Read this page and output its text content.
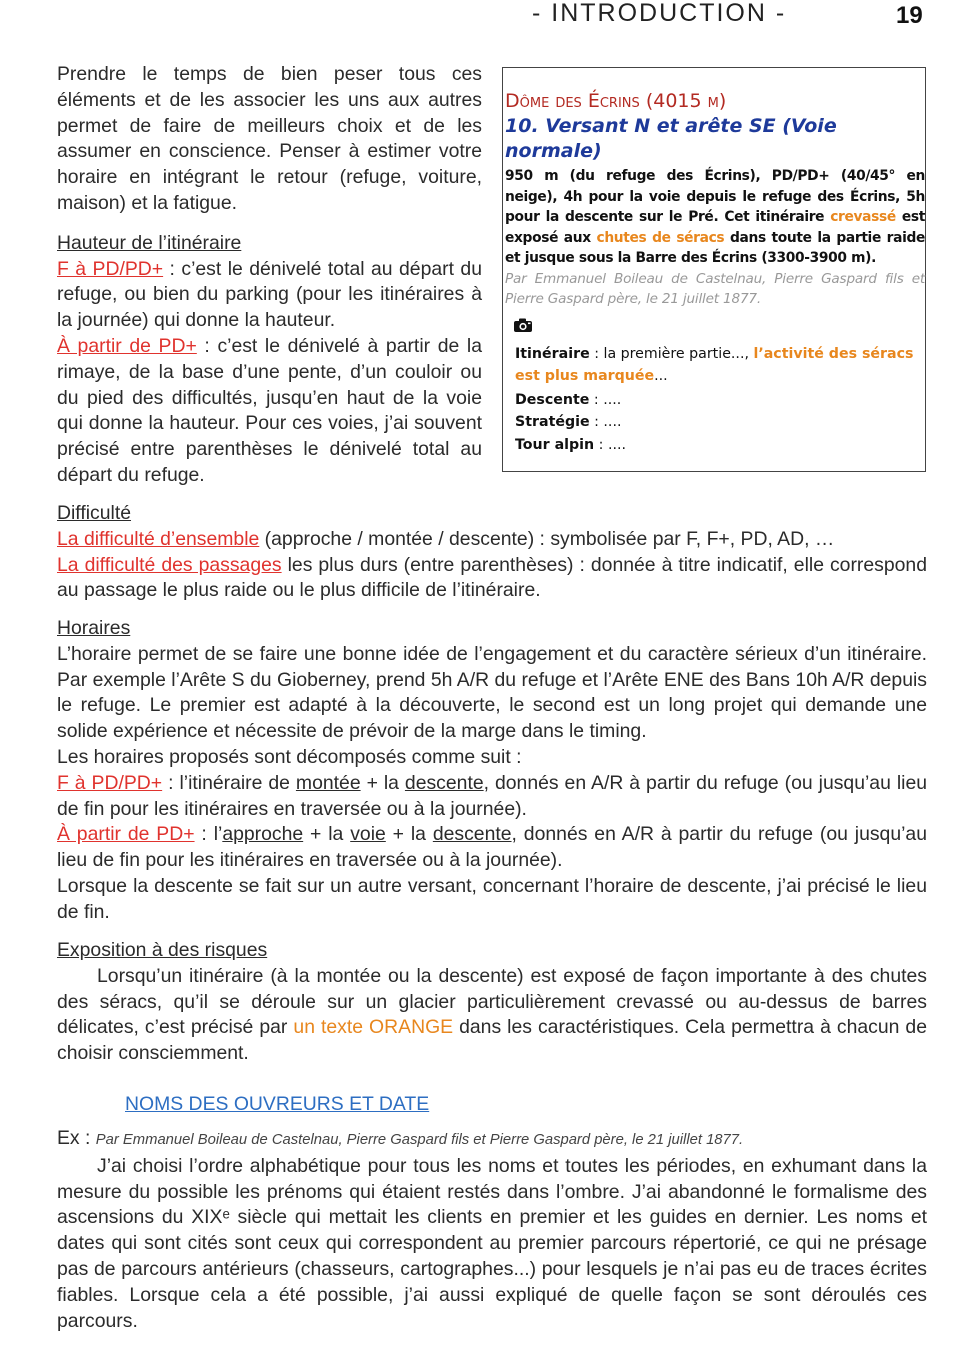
- INTRODUCTION -	19

Prendre le temps de bien peser tous ces éléments et de les associer les uns aux autres permet de faire de meilleurs choix et de les assumer en conscience. Penser à estimer votre horaire en intégrant le retour (refuge, voiture, maison) et la fatigue.

Hauteur de l’itinéraire

F à PD/PD+ : c’est le dénivelé total au départ du refuge, ou bien du parking (pour les itinéraires à la journée) qui donne la hauteur.

À partir de PD+ : c’est le dénivelé à partir de la rimaye, de la base d’une pente, d’un couloir ou du pied des difficultés, jusqu’en haut de la voie qui donne la hauteur. Pour ces voies, j’ai souvent précisé entre parenthèses le dénivelé total au départ du refuge.

Dôme des Écrins (4015 m)

10. Versant N et arête SE (Voie normale)

950 m (du refuge des Écrins), PD/PD+ (40/45° en neige), 4h pour la voie depuis le refuge des Écrins, 5h pour la descente sur le Pré. Cet itinéraire crevassé est exposé aux chutes de séracs dans toute la partie raide et jusque sous la Barre des Écrins (3300-3900 m).

Par Emmanuel Boileau de Castelnau, Pierre Gaspard fils et Pierre Gaspard père, le 21 juillet 1877.

Itinéraire : la première partie..., l’activité des séracs est plus marquée...

Descente : ....

Stratégie : ....

Tour alpin : ....

Difficulté

La difficulté d’ensemble (approche / montée / descente) : symbolisée par F, F+, PD, AD, …

La difficulté des passages les plus durs (entre parenthèses) : donnée à titre indicatif, elle correspond au passage le plus raide ou le plus difficile de l’itinéraire.

Horaires

L’horaire permet de se faire une bonne idée de l’engagement et du caractère sérieux d’un itinéraire. Par exemple l’Arête S du Gioberney, prend 5h A/R du refuge et l’Arête ENE des Bans 10h A/R depuis le refuge. Le premier est adapté à la découverte, le second est un long projet qui demande une solide expérience et nécessite de prévoir de la marge dans le timing.

Les horaires proposés sont décomposés comme suit :

F à PD/PD+ : l’itinéraire de montée + la descente, donnés en A/R à partir du refuge (ou jusqu’au lieu de fin pour les itinéraires en traversée ou à la journée).

À partir de PD+ : l’approche + la voie + la descente, donnés en A/R à partir du refuge (ou jusqu’au lieu de fin pour les itinéraires en traversée ou à la journée).

Lorsque la descente se fait sur un autre versant, concernant l’horaire de descente, j’ai précisé le lieu de fin.

Exposition à des risques

Lorsqu’un itinéraire (à la montée ou la descente) est exposé de façon importante à des chutes des séracs, qu’il se déroule sur un glacier particulièrement crevassé ou au-dessus de barres délicates, c’est précisé par un texte ORANGE dans les caractéristiques. Cela permettra à chacun de choisir consciemment.

NOMS DES OUVREURS ET DATE

Ex : Par Emmanuel Boileau de Castelnau, Pierre Gaspard fils et Pierre Gaspard père, le 21 juillet 1877.

J’ai choisi l’ordre alphabétique pour tous les noms et toutes les périodes, en exhumant dans la mesure du possible les prénoms qui étaient restés dans l’ombre. J’ai abandonné le formalisme des ascensions du XIXᵉ siècle qui mettait les clients en premier et les guides en dernier. Les noms et dates qui sont cités sont ceux qui correspondent au premier parcours répertorié, ce qui ne présage pas de parcours antérieurs (chasseurs, cartographes...) pour lesquels je n’ai pas eu de traces écrites fiables. Lorsque cela a été possible, j’ai aussi expliqué de quelle façon se sont déroulés ces parcours.
